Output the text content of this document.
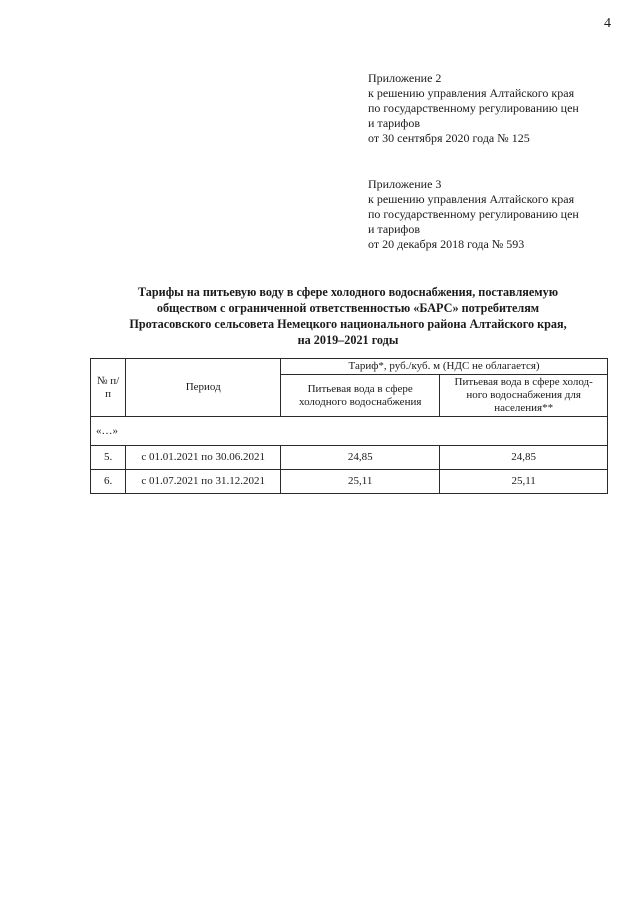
4
Приложение 2
к решению управления Алтайского края
по государственному регулированию цен
и тарифов
от 30 сентября 2020 года № 125
Приложение 3
к решению управления Алтайского края
по государственному регулированию цен
и тарифов
от 20 декабря 2018 года № 593
Тарифы на питьевую воду в сфере холодного водоснабжения, поставляемую
обществом с ограниченной ответственностью «БАРС» потребителям
Протасовского сельсовета Немецкого национального района Алтайского края,
на 2019–2021 годы
№ п/п	Период	Тариф*, руб./куб. м (НДС не облагается)	
		Питьевая вода в сфере холодного водоснабжения	Питьевая вода в сфере холод-ного водоснабжения для населения**
«…»			
5.	с 01.01.2021 по 30.06.2021	24,85	24,85
6.	с 01.07.2021 по 31.12.2021	25,11	25,11
